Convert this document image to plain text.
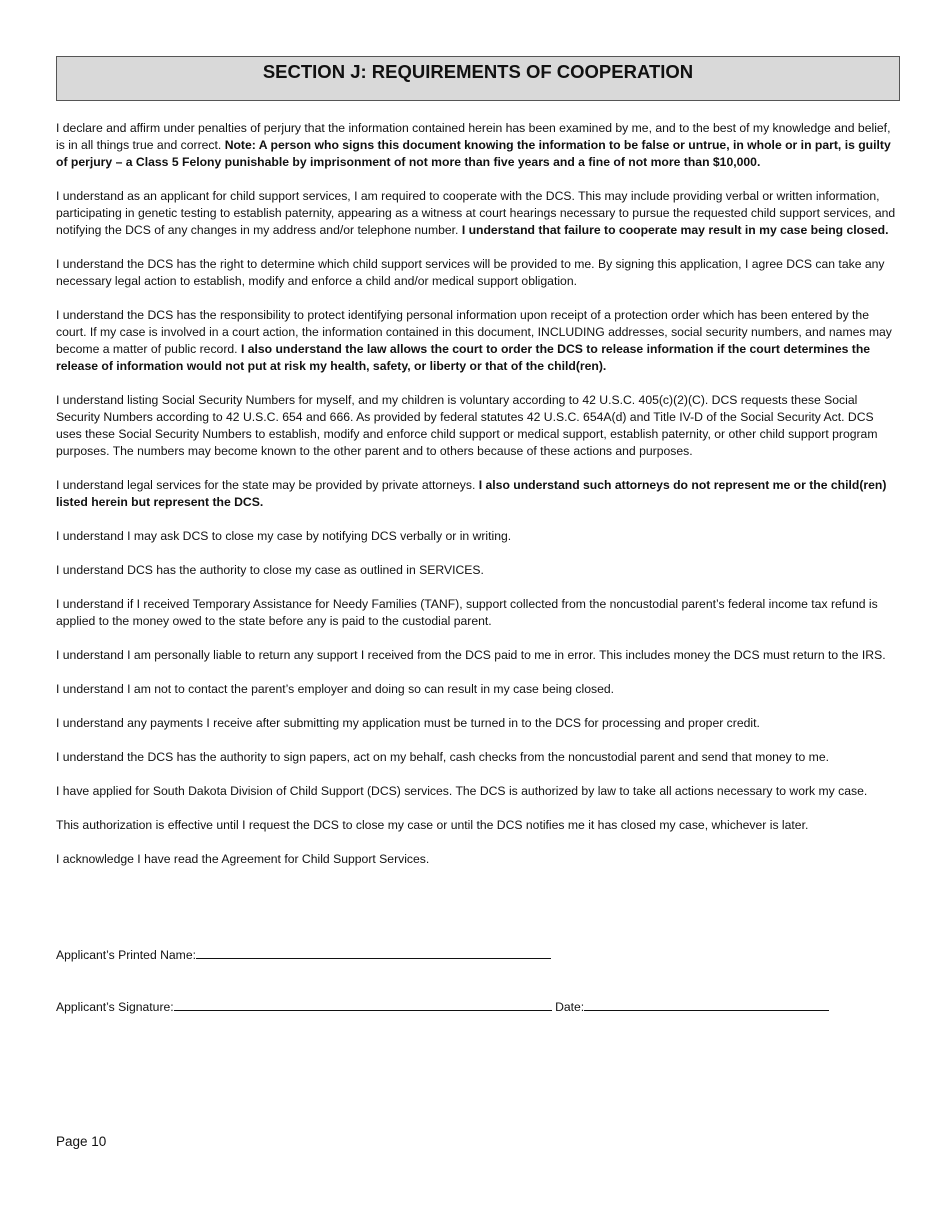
SECTION J: REQUIREMENTS OF COOPERATION

I declare and affirm under penalties of perjury that the information contained herein has been examined by me, and to the best of my knowledge and belief, is in all things true and correct. Note: A person who signs this document knowing the information to be false or untrue, in whole or in part, is guilty of perjury – a Class 5 Felony punishable by imprisonment of not more than five years and a fine of not more than $10,000.

I understand as an applicant for child support services, I am required to cooperate with the DCS. This may include providing verbal or written information, participating in genetic testing to establish paternity, appearing as a witness at court hearings necessary to pursue the requested child support services, and notifying the DCS of any changes in my address and/or telephone number. I understand that failure to cooperate may result in my case being closed.

I understand the DCS has the right to determine which child support services will be provided to me. By signing this application, I agree DCS can take any necessary legal action to establish, modify and enforce a child and/or medical support obligation.

I understand the DCS has the responsibility to protect identifying personal information upon receipt of a protection order which has been entered by the court. If my case is involved in a court action, the information contained in this document, INCLUDING addresses, social security numbers, and names may become a matter of public record. I also understand the law allows the court to order the DCS to release information if the court determines the release of information would not put at risk my health, safety, or liberty or that of the child(ren).

I understand listing Social Security Numbers for myself, and my children is voluntary according to 42 U.S.C. 405(c)(2)(C). DCS requests these Social Security Numbers according to 42 U.S.C. 654 and 666. As provided by federal statutes 42 U.S.C. 654A(d) and Title IV-D of the Social Security Act. DCS uses these Social Security Numbers to establish, modify and enforce child support or medical support, establish paternity, or other child support program purposes. The numbers may become known to the other parent and to others because of these actions and purposes.

I understand legal services for the state may be provided by private attorneys. I also understand such attorneys do not represent me or the child(ren) listed herein but represent the DCS.

I understand I may ask DCS to close my case by notifying DCS verbally or in writing.

I understand DCS has the authority to close my case as outlined in SERVICES.

I understand if I received Temporary Assistance for Needy Families (TANF), support collected from the noncustodial parent’s federal income tax refund is applied to the money owed to the state before any is paid to the custodial parent.

I understand I am personally liable to return any support I received from the DCS paid to me in error. This includes money the DCS must return to the IRS.

I understand I am not to contact the parent’s employer and doing so can result in my case being closed.

I understand any payments I receive after submitting my application must be turned in to the DCS for processing and proper credit.

I understand the DCS has the authority to sign papers, act on my behalf, cash checks from the noncustodial parent and send that money to me.

I have applied for South Dakota Division of Child Support (DCS) services. The DCS is authorized by law to take all actions necessary to work my case.

This authorization is effective until I request the DCS to close my case or until the DCS notifies me it has closed my case, whichever is later.

I acknowledge I have read the Agreement for Child Support Services.

Applicant’s Printed Name:
Applicant’s Signature:	Date:
Page 10
